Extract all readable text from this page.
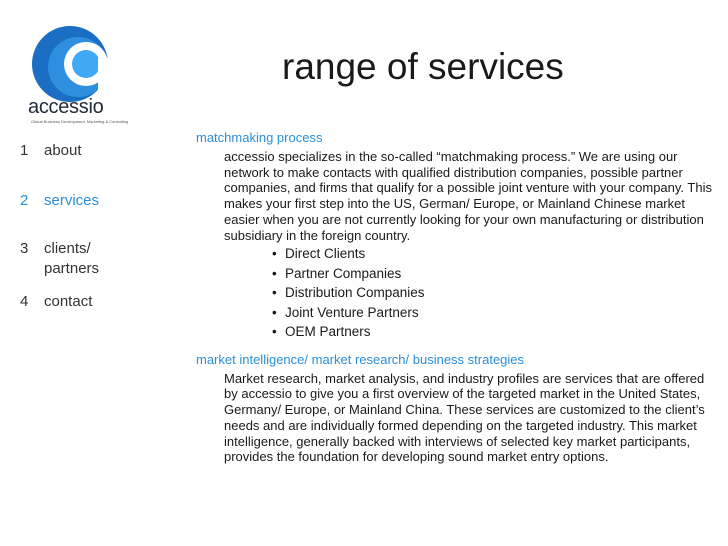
accessio
Global Business Development, Marketing & Consulting
range of services
1 about
2 services
3 clients/
partners
4 contact

matchmaking process

accessio specializes in the so-called “matchmaking process.” We are using our network to make contacts with qualified distribution companies, possible partner companies, and firms that qualify for a possible joint venture with your company. This makes your first step into the US, German/ Europe, or Mainland Chinese market easier when you are not currently looking for your own manufacturing or distribution subsidiary in the foreign country.

• Direct Clients
• Partner Companies
• Distribution Companies
• Joint Venture Partners
• OEM Partners

market intelligence/ market research/ business strategies

Market research, market analysis, and industry profiles are services that are offered by accessio to give you a first overview of the targeted market in the United States, Germany/ Europe, or Mainland China. These services are customized to the client’s needs and are individually formed depending on the targeted industry. This market intelligence, generally backed with interviews of selected key market participants, provides the foundation for developing sound market entry options.
